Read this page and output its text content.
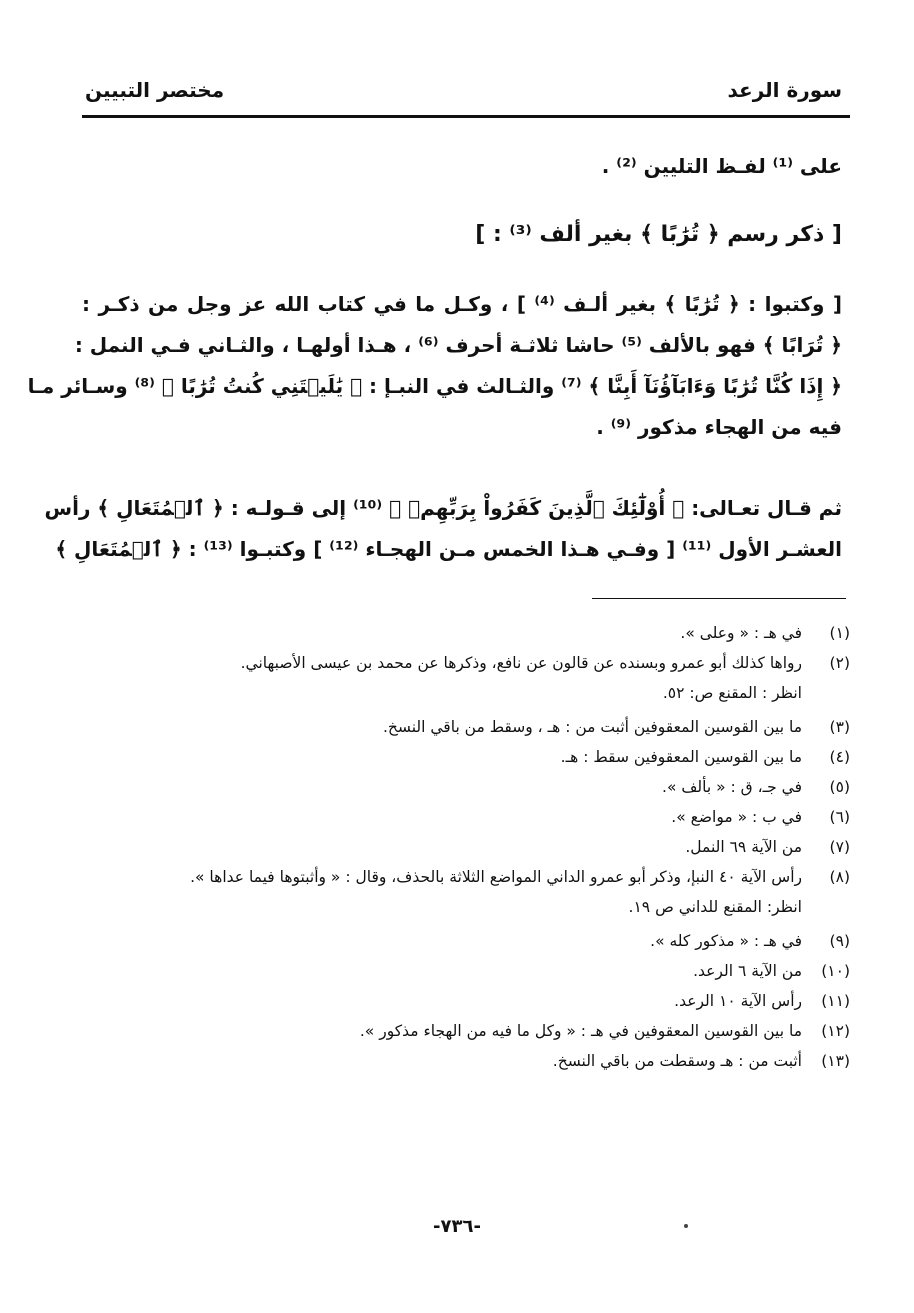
سورة الرعد
مختصر التبيين
على ⁽¹⁾ لفـظ التليين ⁽²⁾ .
[ ذكر رسم ﴿ تُرَٰبًا ﴾ بغير ألف ⁽³⁾ : ]
[ وكتبوا : ﴿ تُرَٰبًا ﴾ بغير ألـف ⁽⁴⁾ ] ، وكـل ما في كتاب الله عز وجل من ذكـر :
﴿ تُرَابًا ﴾ فهو بالألف ⁽⁵⁾ حاشا ثلاثـة أحرف ⁽⁶⁾ ، هـذا أولهـا ، والثـاني فـي النمل :
﴿ إِذَا كُنَّا تُرَٰبًا وَءَابَآؤُنَآ أَبِنَّا ﴾ ⁽⁷⁾ والثـالث في النبـإ : ﴿ يَٰلَيۡتَنِي كُنتُ تُرَٰبًا ﴾ ⁽⁸⁾ وسـائر مـا
فيه من الهجاء مذكور ⁽⁹⁾ .
ثم قـال تعـالى: ﴿ أُوْلَٰٓئِكَ ٱلَّذِينَ كَفَرُواْ بِرَبِّهِمۡ ﴾ ⁽¹⁰⁾ إلى قـولـه : ﴿ ٱلۡمُتَعَالِ ﴾ رأس
العشـر الأول ⁽¹¹⁾ [ وفـي هـذا الخمس مـن الهجـاء ⁽¹²⁾ ] وكتبـوا ⁽¹³⁾ : ﴿ ٱلۡمُتَعَالِ ﴾
(١)
في هـ : « وعلى ».
(٢)
رواها كذلك أبو عمرو وبسنده عن قالون عن نافع، وذكرها عن محمد بن عيسى الأصبهاني.
انظر : المقنع ص: ٥٢.
(٣)
ما بين القوسين المعقوفين أثبت من : هـ ، وسقط من باقي النسخ.
(٤)
ما بين القوسين المعقوفين سقط : هـ.
(٥)
في جـ، ق : « بألف ».
(٦)
في ب : « مواضع ».
(٧)
من الآية ٦٩ النمل.
(٨)
رأس الآية ٤٠ النبإ، وذكر أبو عمرو الداني المواضع الثلاثة بالحذف، وقال : « وأثبتوها فيما عداها ».
انظر: المقنع للداني ص ١٩.
(٩)
في هـ : « مذكور كله ».
(١٠)
من الآية ٦ الرعد.
(١١)
رأس الآية ١٠ الرعد.
(١٢)
ما بين القوسين المعقوفين في هـ : « وكل ما فيه من الهجاء مذكور ».
(١٣)
أثبت من : هـ وسقطت من باقي النسخ.
-٧٣٦-
